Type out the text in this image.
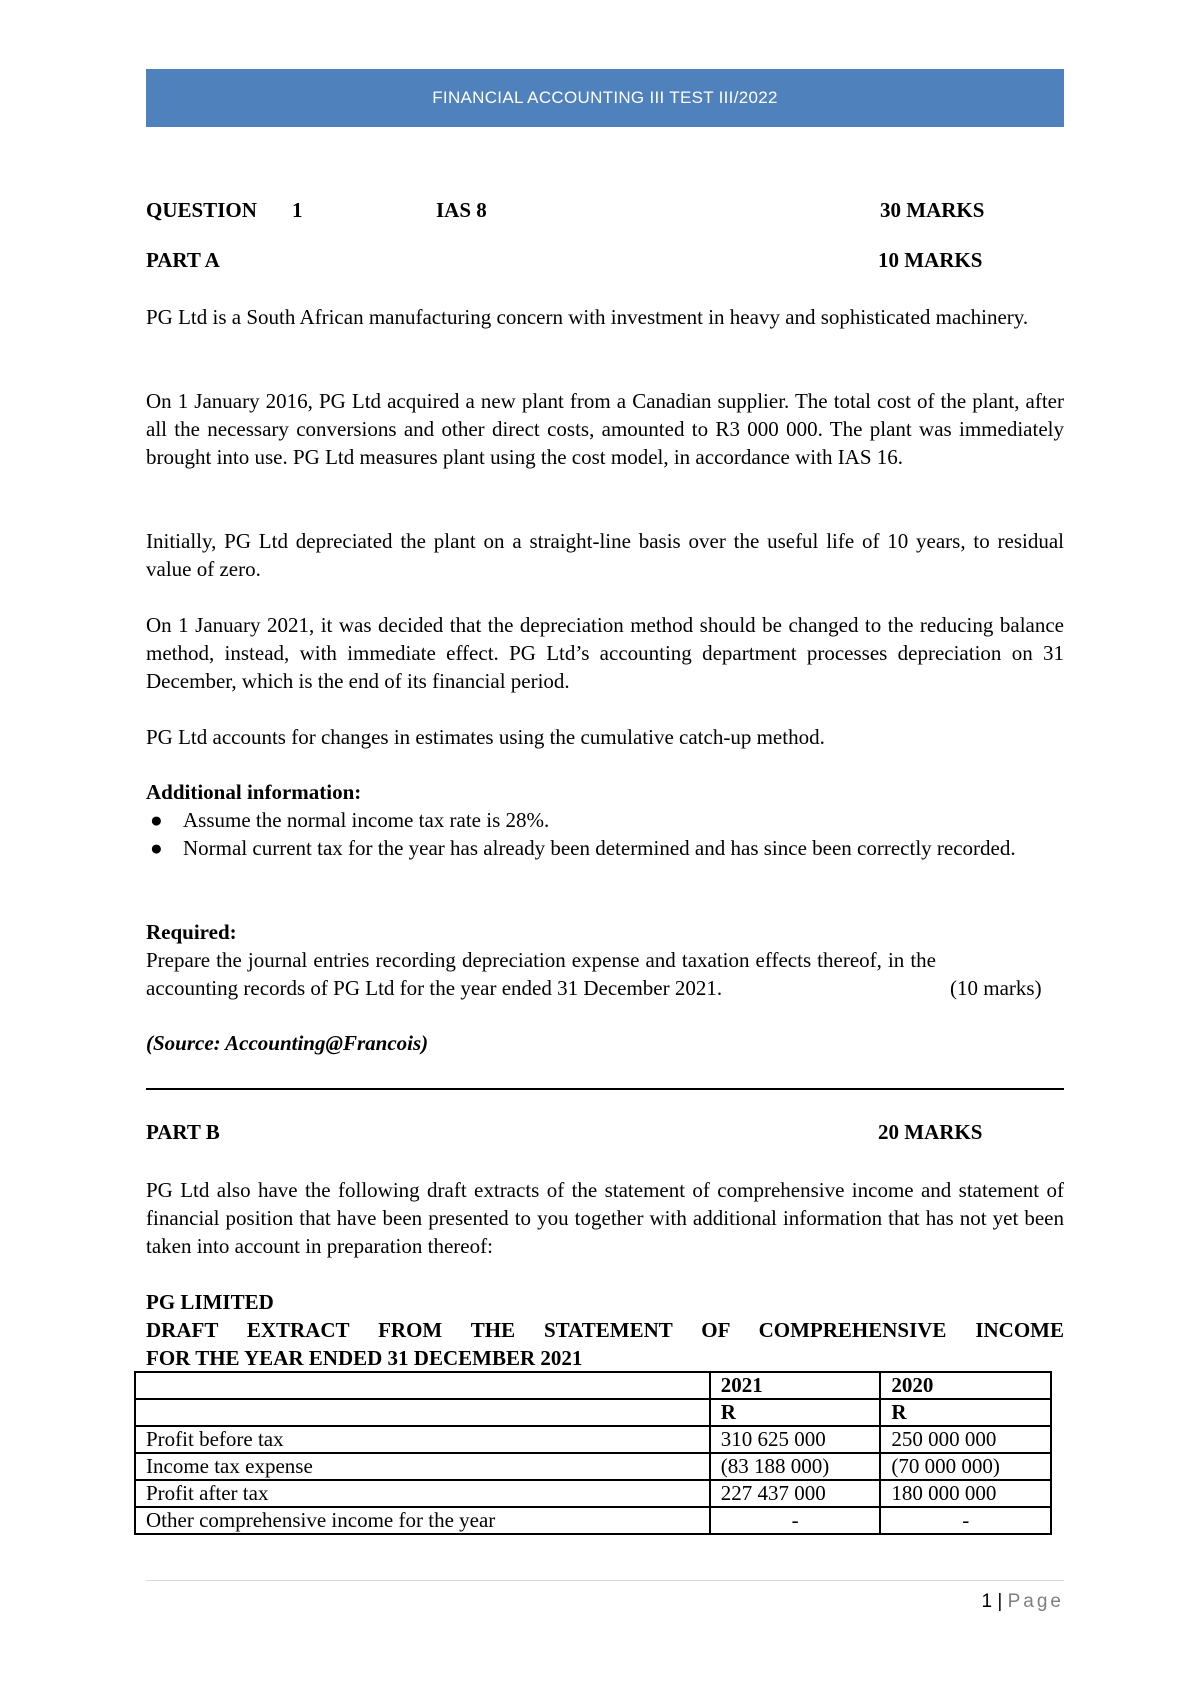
FINANCIAL ACCOUNTING III TEST III/2022
QUESTION 1	IAS 8	30 MARKS
PART A	10 MARKS
PG Ltd is a South African manufacturing concern with investment in heavy and sophisticated machinery.
On 1 January 2016, PG Ltd acquired a new plant from a Canadian supplier. The total cost of the plant, after all the necessary conversions and other direct costs, amounted to R3 000 000. The plant was immediately brought into use. PG Ltd measures plant using the cost model, in accordance with IAS 16.
Initially, PG Ltd depreciated the plant on a straight-line basis over the useful life of 10 years, to residual value of zero.
On 1 January 2021, it was decided that the depreciation method should be changed to the reducing balance method, instead, with immediate effect. PG Ltd’s accounting department processes depreciation on 31 December, which is the end of its financial period.
PG Ltd accounts for changes in estimates using the cumulative catch-up method.
Additional information:
● Assume the normal income tax rate is 28%.
● Normal current tax for the year has already been determined and has since been correctly recorded.
Required:
Prepare the journal entries recording depreciation expense and taxation effects thereof, in the accounting records of PG Ltd for the year ended 31 December 2021.	(10 marks)
(Source: Accounting@Francois)
PART B	20 MARKS
PG Ltd also have the following draft extracts of the statement of comprehensive income and statement of financial position that have been presented to you together with additional information that has not yet been taken into account in preparation thereof:
PG LIMITED
DRAFT EXTRACT FROM THE STATEMENT OF COMPREHENSIVE INCOME
FOR THE YEAR ENDED 31 DECEMBER 2021
	2021	2020
	R	R
Profit before tax	310 625 000	250 000 000
Income tax expense	(83 188 000)	(70 000 000)
Profit after tax	227 437 000	180 000 000
Other comprehensive income for the year	-	-
1 | Page
